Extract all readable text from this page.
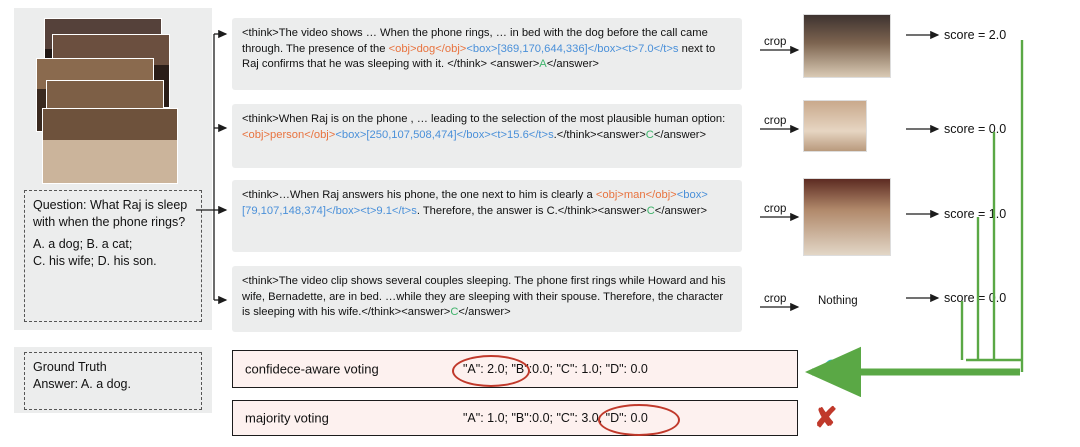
Question: What Raj is sleep with when the phone rings?
A. a dog; B. a cat;
C. his wife; D. his son.
Ground Truth
Answer: A. a dog.
<think>The video shows … When the phone rings, … in bed with the dog before the call came through. The presence of the <obj>dog</obj><box>[369,170,644,336]</box><t>7.0</t>s next to Raj confirms that he was sleeping with it. </think> <answer>A</answer>
<think>When Raj is on the phone , … leading to the selection of the most plausible human option: <obj>person</obj><box>[250,107,508,474]</box><t>15.6</t>s.</think><answer>C</answer>
<think>…When Raj answers his phone, the one next to him is clearly a <obj>man</obj><box>[79,107,148,374]</box><t>9.1</t>s. Therefore, the answer is C.</think><answer>C</answer>
<think>The video clip shows several couples sleeping. The phone first rings while Howard and his wife, Bernadette, are in bed. …while they are sleeping with their spouse. Therefore, the character is sleeping with his wife.</think><answer>C</answer>
crop
crop
crop
crop	Nothing
score = 2.0
score = 0.0
score = 1.0
score = 0.0
confidece-aware voting	"A": 2.0; "B":0.0; "C": 1.0; "D": 0.0	✔
majority voting	"A": 1.0; "B":0.0; "C": 3.0; "D": 0.0	✘
